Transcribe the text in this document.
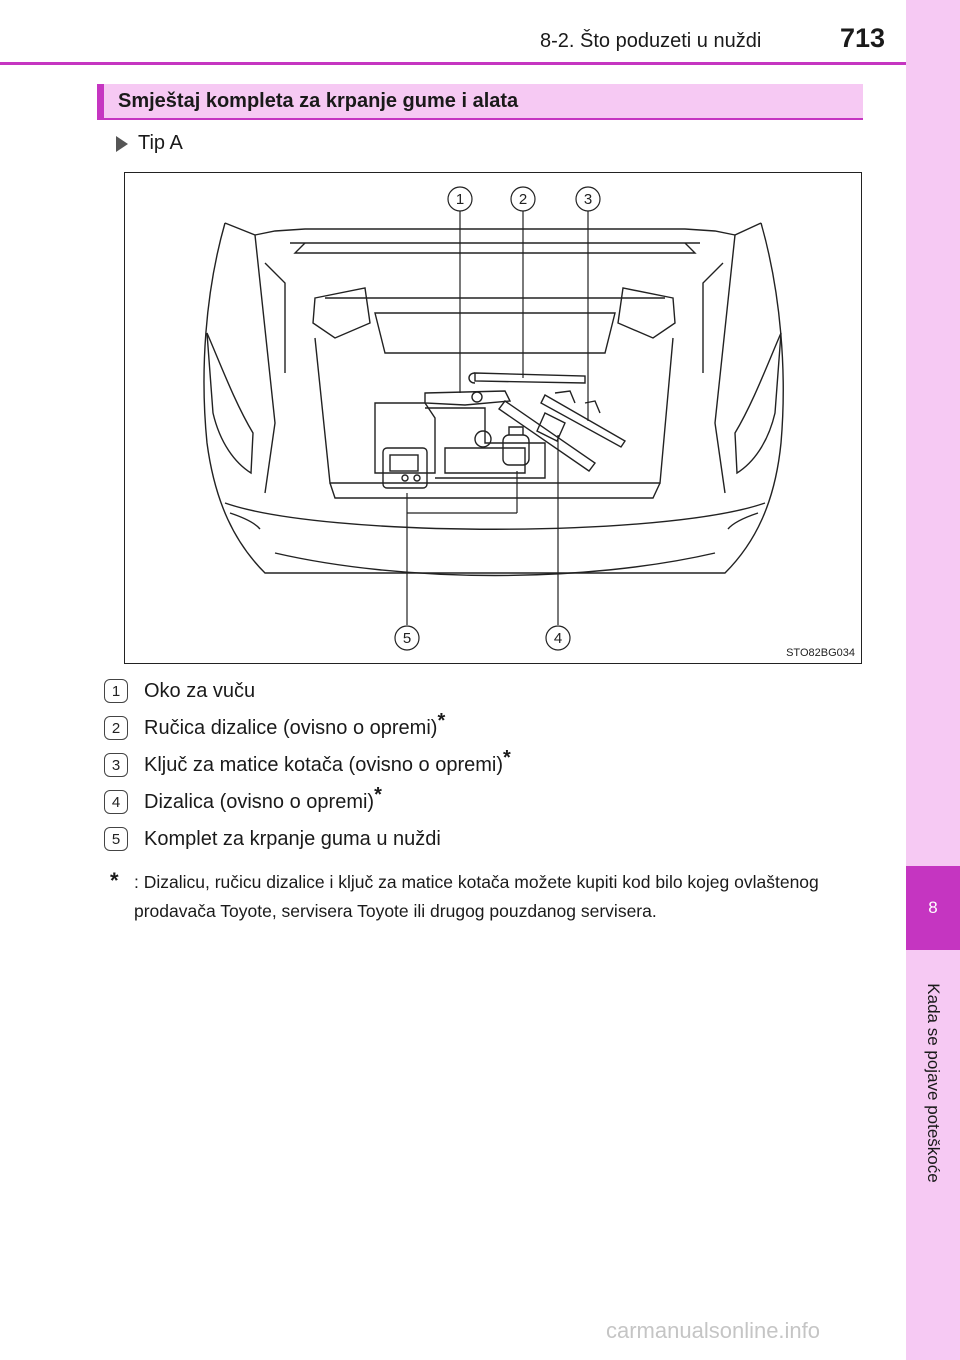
8
Kada se pojave poteškoće
8-2. Što poduzeti u nuždi	713
Smještaj kompleta za krpanje gume i alata
Tip A
1	2	3
4
5
STO82BG034
1	Oko za vuču
2	Ručica dizalice (ovisno o opremi)*
3	Ključ za matice kotača (ovisno o opremi)*
4	Dizalica (ovisno o opremi)*
5	Komplet za krpanje guma u nuždi
* : Dizalicu, ručicu dizalice i ključ za matice kotača možete kupiti kod bilo kojeg ovlaštenog prodavača Toyote, servisera Toyote ili drugog pouzdanog servisera.
carmanualsonline.info
